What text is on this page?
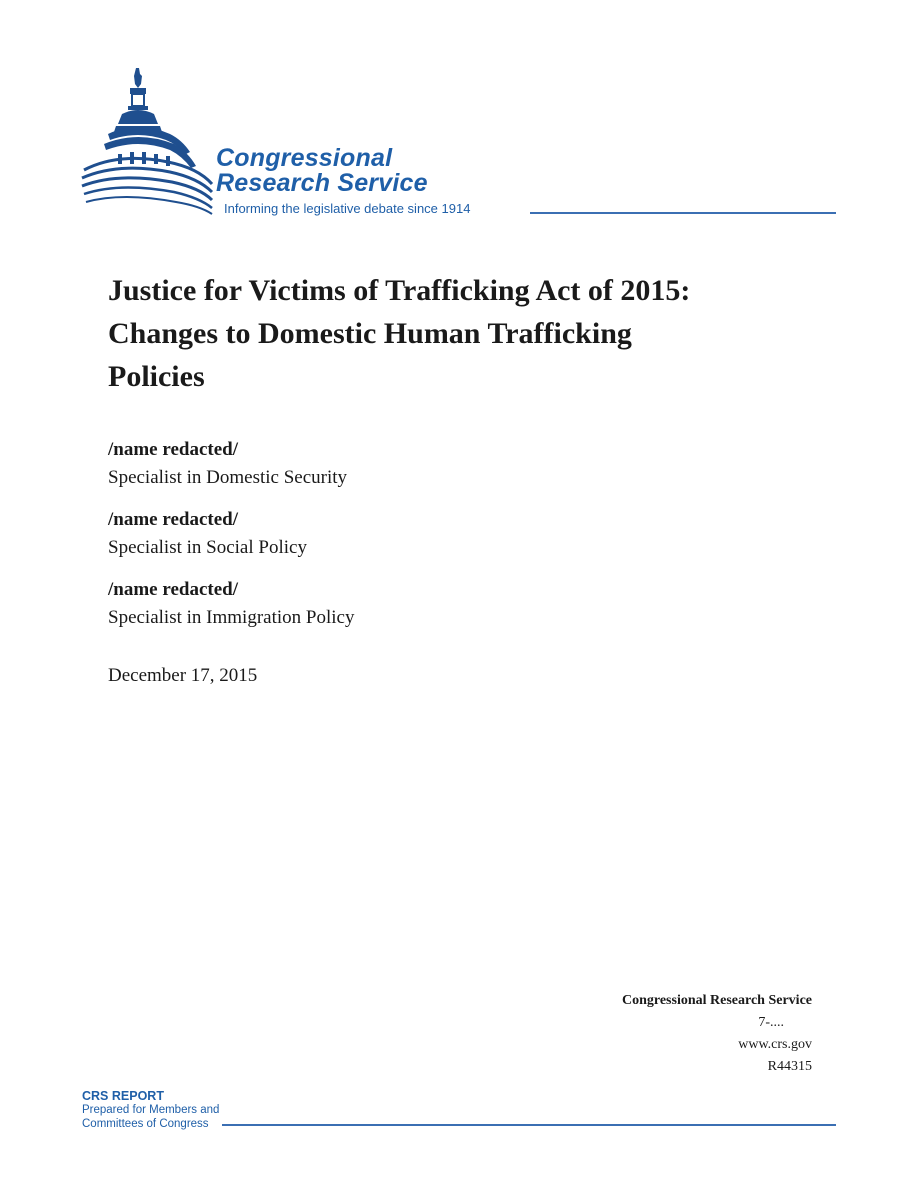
Congressional
Research Service
Informing the legislative debate since 1914
Justice for Victims of Trafficking Act of 2015:
Changes to Domestic Human Trafficking
Policies
/name redacted/
Specialist in Domestic Security
/name redacted/
Specialist in Social Policy
/name redacted/
Specialist in Immigration Policy
December 17, 2015
Congressional Research Service
7-....
www.crs.gov
R44315
CRS REPORT
Prepared for Members and
Committees of Congress
